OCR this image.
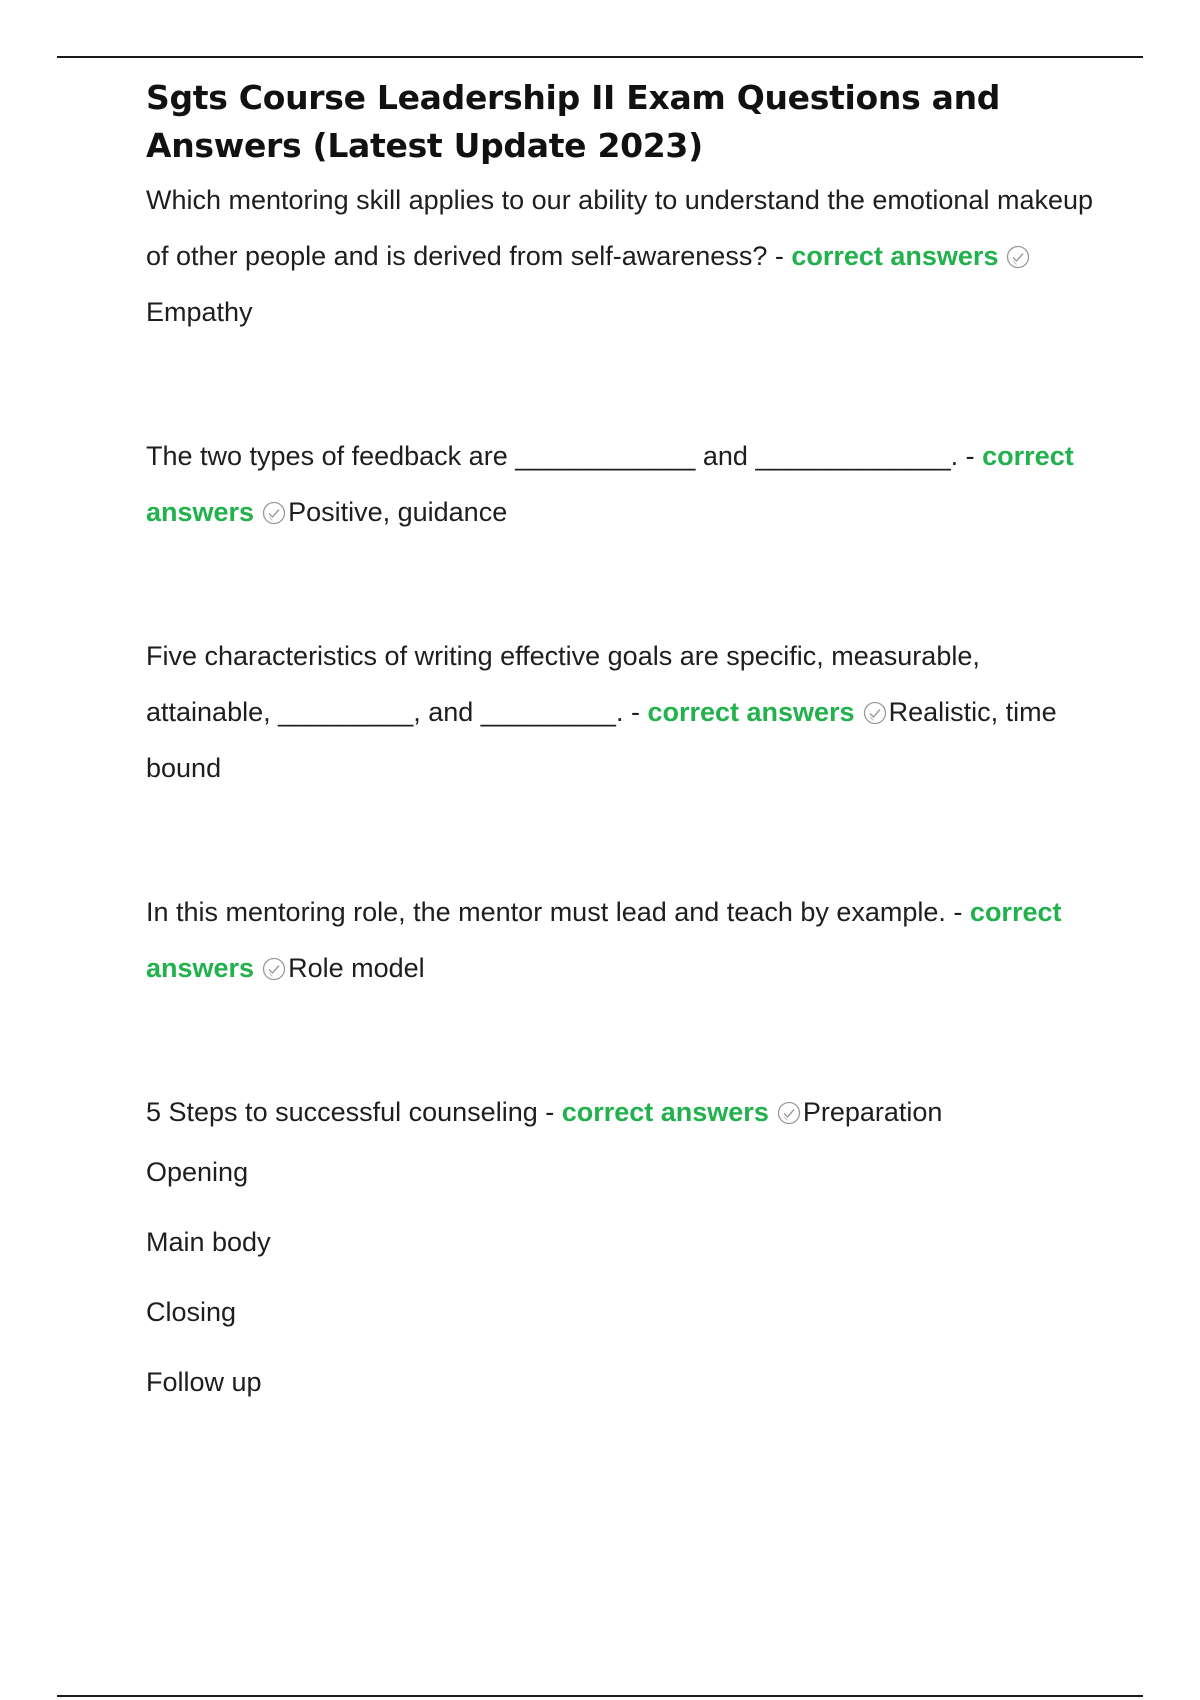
Sgts Course Leadership II Exam Questions and Answers (Latest Update 2023)

Which mentoring skill applies to our ability to understand the emotional makeup of other people and is derived from self-awareness? - correct answers
Empathy

The two types of feedback are ____________ and _____________. - correct answers Positive, guidance

Five characteristics of writing effective goals are specific, measurable, attainable, _________, and _________. - correct answers Realistic, time bound

In this mentoring role, the mentor must lead and teach by example. - correct answers Role model

5 Steps to successful counseling - correct answers Preparation

Opening
Main body
Closing
Follow up
